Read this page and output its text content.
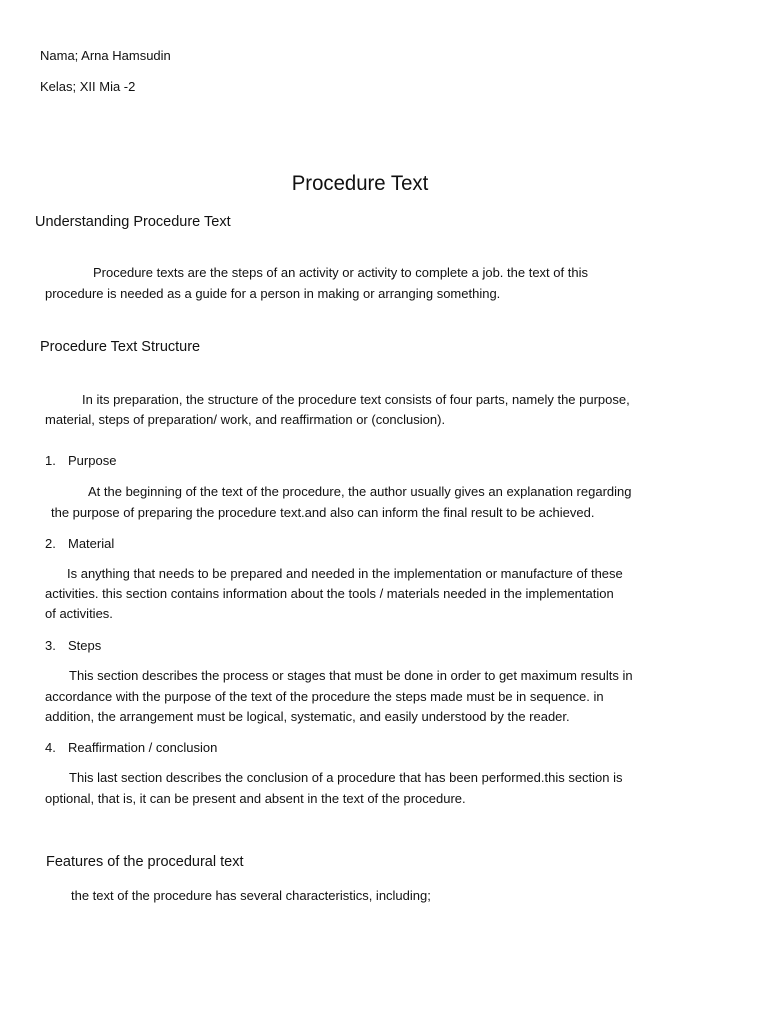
Nama; Arna Hamsudin

Kelas; XII Mia -2

Procedure Text

Understanding Procedure Text

Procedure texts are the steps of an activity or activity to complete a job. the text of this

procedure is needed as a guide for a person in making or arranging something.

Procedure Text Structure

In its preparation, the structure of the procedure text consists of four parts, namely the purpose,

material, steps of preparation/ work, and reaffirmation or (conclusion).

1. Purpose

At the beginning of the text of the procedure, the author usually gives an explanation regarding

the purpose of preparing the procedure text.and also can inform the final result to be achieved.

2. Material

Is anything that needs to be prepared and needed in the implementation or manufacture of these

activities. this section contains information about the tools / materials needed in the implementation

of activities.

3. Steps

This section describes the process or stages that must be done in order to get maximum results in

accordance with the purpose of the text of the procedure the steps made must be in sequence. in

addition, the arrangement must be logical, systematic, and easily understood by the reader.

4. Reaffirmation / conclusion

This last section describes the conclusion of a procedure that has been performed.this section is

optional, that is, it can be present and absent in the text of the procedure.

Features of the procedural text

the text of the procedure has several characteristics, including;
